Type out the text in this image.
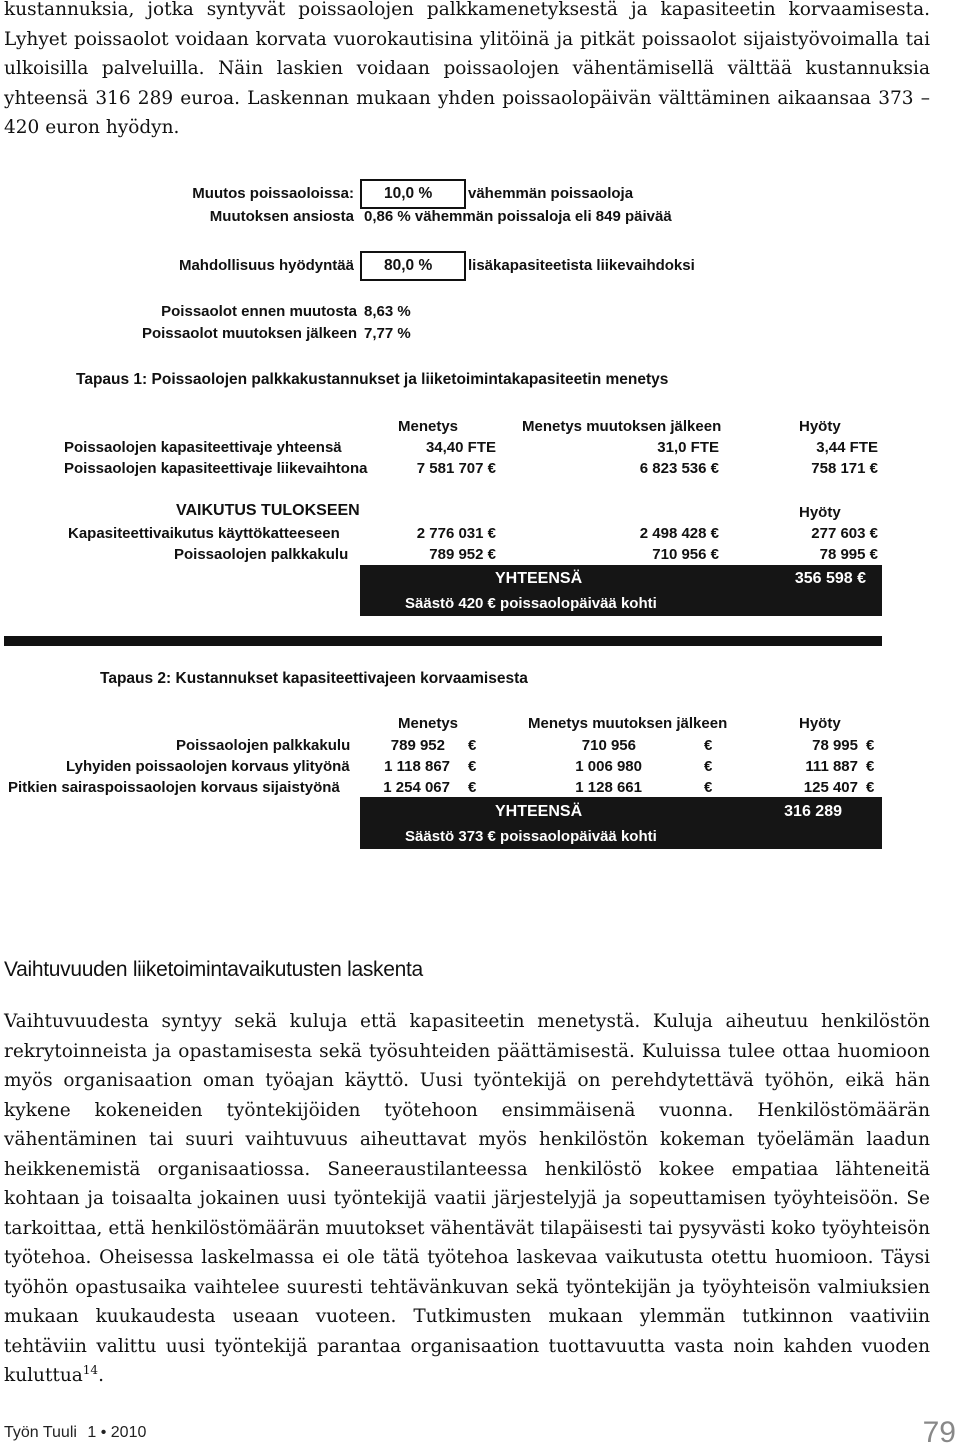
kustannuksia, jotka syntyvät poissaolojen palkkamenetyksestä ja kapasiteetin korvaamisesta. Lyhyet poissaolot voidaan korvata vuorokautisina ylitöinä ja pitkät poissaolot sijaistyövoimalla tai ulkoisilla palveluilla. Näin laskien voidaan poissaolojen vähentämisellä välttää kustannuksia yhteensä 316 289 euroa. Laskennan mukaan yhden poissaolopäivän välttäminen aikaansaa 373 – 420 euron hyödyn.

Muutos poissaoloissa: 10,0 %	vähemmän poissaoloja
Muutoksen ansiosta 0,86 % vähemmän poissaloja eli 849 päivää
Mahdollisuus hyödyntää 80,0 %	lisäkapasiteetista liikevaihdoksi
Poissaolot ennen muutosta 8,63 %
Poissaolot muutoksen jälkeen 7,77 %
Tapaus 1: Poissaolojen palkkakustannukset ja liiketoimintakapasiteetin menetys
Menetys	Menetys muutoksen jälkeen	Hyöty
Poissaolojen kapasiteettivaje yhteensä	34,40 FTE	31,0 FTE	3,44 FTE
Poissaolojen kapasiteettivaje liikevaihtona	7 581 707 €	6 823 536 €	758 171 €
VAIKUTUS TULOKSEEN	Hyöty
Kapasiteettivaikutus käyttökatteeseen	2 776 031 €	2 498 428 €	277 603 €
Poissaolojen palkkakulu	789 952 €	710 956 €	78 995 €
YHTEENSÄ	356 598 €
Säästö 420 € poissaolopäivää kohti
Tapaus 2: Kustannukset kapasiteettivajeen korvaamisesta
Menetys	Menetys muutoksen jälkeen	Hyöty
Poissaolojen palkkakulu	789 952 €	710 956	€	78 995 €
Lyhyiden poissaolojen korvaus ylityönä 1 118 867 €	1 006 980	€	111 887 €
Pitkien sairaspoissaolojen korvaus sijaistyönä	1 254 067 €	1 128 661	€	125 407 €
YHTEENSÄ	316 289
Säästö 373 € poissaolopäivää kohti
Vaihtuvuuden liiketoimintavaikutusten laskenta

Vaihtuvuudesta syntyy sekä kuluja että kapasiteetin menetystä. Kuluja aiheutuu henkilöstön rekrytoinneista ja opastamisesta sekä työsuhteiden päättämisestä. Kuluissa tulee ottaa huomioon myös organisaation oman työajan käyttö. Uusi työntekijä on perehdytettävä työhön, eikä hän kykene kokeneiden työntekijöiden työtehoon ensimmäisenä vuonna. Henkilöstömäärän vähentäminen tai suuri vaihtuvuus aiheuttavat myös henkilöstön kokeman työelämän laadun heikkenemistä organisaatiossa. Saneeraustilanteessa henkilöstö kokee empatiaa lähteneitä kohtaan ja toisaalta jokainen uusi työntekijä vaatii järjestelyjä ja sopeuttamisen työyhteisöön. Se tarkoittaa, että henkilöstömäärän muutokset vähentävät tilapäisesti tai pysyvästi koko työyhteisön työtehoa. Oheisessa laskelmassa ei ole tätä työtehoa laskevaa vaikutusta otettu huomioon. Täysi työhön opastusaika vaihtelee suuresti tehtävänkuvan sekä työntekijän ja työyhteisön valmiuksien mukaan kuukaudesta useaan vuoteen. Tutkimusten mukaan ylemmän tutkinnon vaativiin tehtäviin valittu uusi työntekijä parantaa organisaation tuottavuutta vasta noin kahden vuoden kuluttua$^{14}$.

Työn Tuuli 1 • 2010	79
